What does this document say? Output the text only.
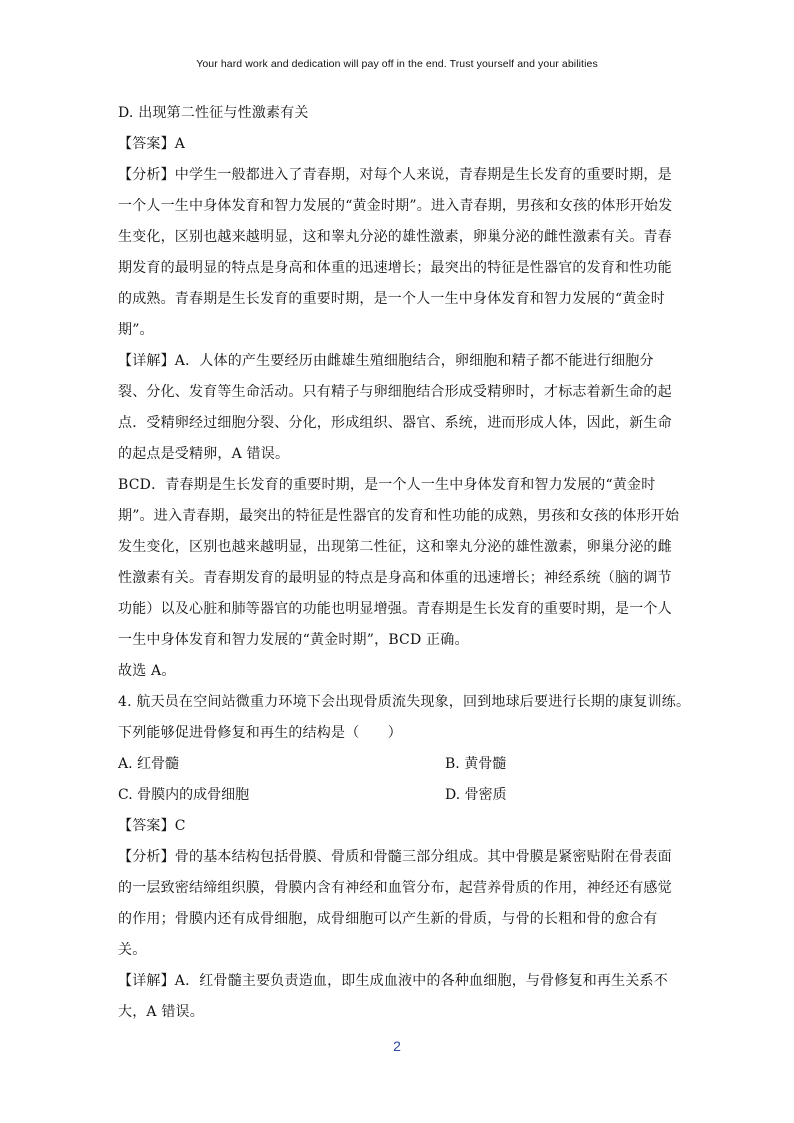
Your hard work and dedication will pay off in the end. Trust yourself and your abilities
D. 出现第二性征与性激素有关
【答案】A
【分析】中学生一般都进入了青春期，对每个人来说，青春期是生长发育的重要时期，是
一个人一生中身体发育和智力发展的“黄金时期”。进入青春期，男孩和女孩的体形开始发
生变化，区别也越来越明显，这和睾丸分泌的雄性激素，卵巢分泌的雌性激素有关。青春
期发育的最明显的特点是身高和体重的迅速增长；最突出的特征是性器官的发育和性功能
的成熟。青春期是生长发育的重要时期，是一个人一生中身体发育和智力发展的“黄金时
期”。
【详解】A．人体的产生要经历由雌雄生殖细胞结合，卵细胞和精子都不能进行细胞分
裂、分化、发育等生命活动。只有精子与卵细胞结合形成受精卵时，才标志着新生命的起
点．受精卵经过细胞分裂、分化，形成组织、器官、系统，进而形成人体，因此，新生命
的起点是受精卵，A 错误。
BCD．青春期是生长发育的重要时期，是一个人一生中身体发育和智力发展的“黄金时
期”。进入青春期，最突出的特征是性器官的发育和性功能的成熟，男孩和女孩的体形开始
发生变化，区别也越来越明显，出现第二性征，这和睾丸分泌的雄性激素，卵巢分泌的雌
性激素有关。青春期发育的最明显的特点是身高和体重的迅速增长；神经系统（脑的调节
功能）以及心脏和肺等器官的功能也明显增强。青春期是生长发育的重要时期，是一个人
一生中身体发育和智力发展的“黄金时期”，BCD 正确。
故选 A。
4. 航天员在空间站微重力环境下会出现骨质流失现象，回到地球后要进行长期的康复训练。
下列能够促进骨修复和再生的结构是（　　）
A. 红骨髓	B. 黄骨髓
C. 骨膜内的成骨细胞	D. 骨密质
【答案】C
【分析】骨的基本结构包括骨膜、骨质和骨髓三部分组成。其中骨膜是紧密贴附在骨表面
的一层致密结缔组织膜，骨膜内含有神经和血管分布，起营养骨质的作用，神经还有感觉
的作用；骨膜内还有成骨细胞，成骨细胞可以产生新的骨质，与骨的长粗和骨的愈合有
关。
【详解】A．红骨髓主要负责造血，即生成血液中的各种血细胞，与骨修复和再生关系不
大，A 错误。
2
